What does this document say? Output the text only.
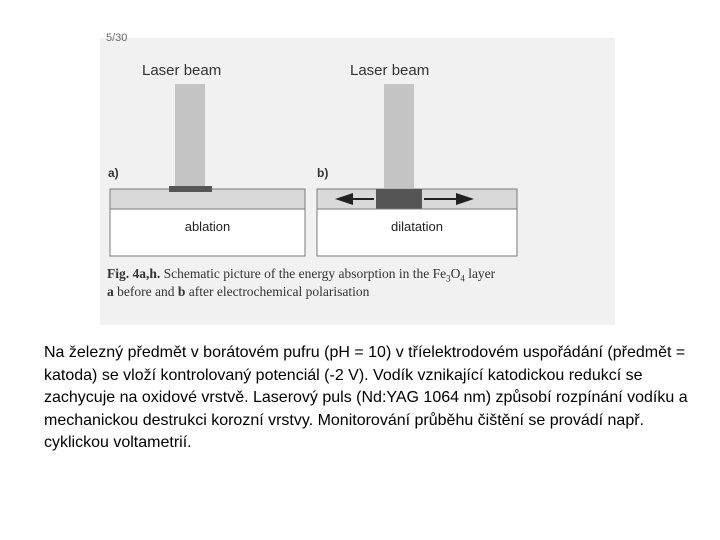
5/30
Laser beam	Laser beam
a)	b)
ablation	dilatation
Fig. 4a,h. Schematic picture of the energy absorption in the $Fe_3O_4$ layer
a before and b after electrochemical polarisation
Na železný předmět v borátovém pufru (pH = 10) v tříelektrodovém uspořádání (předmět = katoda) se vloží kontrolovaný potenciál (-2 V). Vodík vznikající katodickou redukcí se zachycuje na oxidové vrstvě. Laserový puls (Nd:YAG 1064 nm) způsobí rozpínání vodíku a mechanickou destrukci korozní vrstvy. Monitorování průběhu čištění se provádí např. cyklickou voltametrií.
